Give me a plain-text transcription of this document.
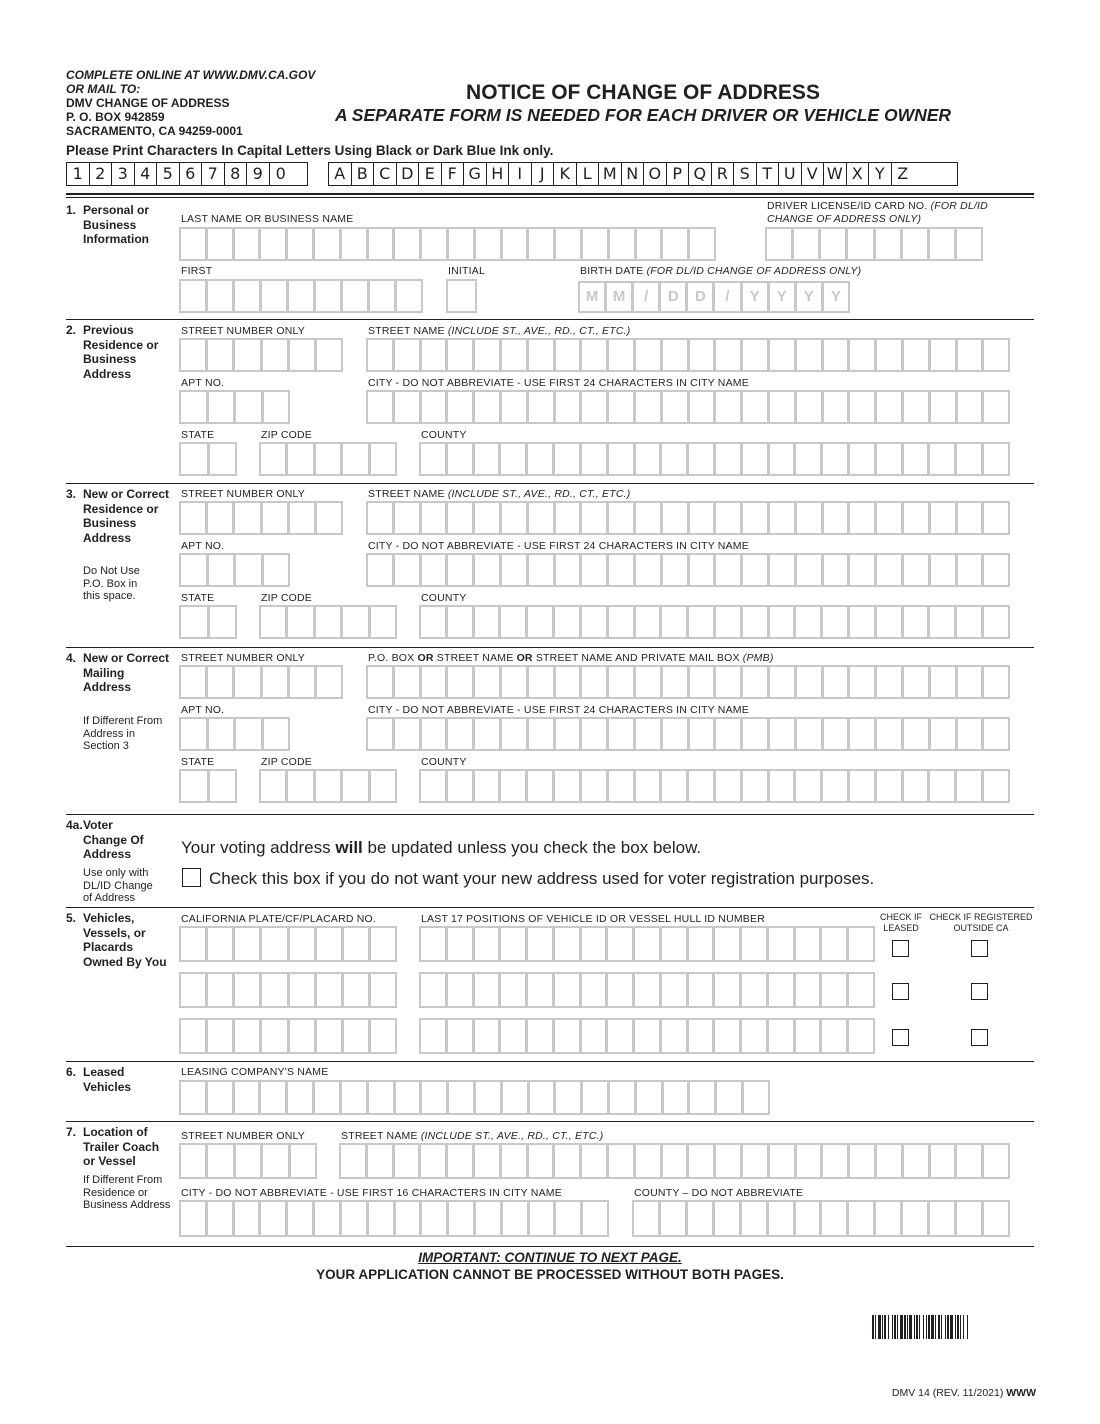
COMPLETE ONLINE AT WWW.DMV.CA.GOV
OR MAIL TO:
DMV CHANGE OF ADDRESS
P. O. BOX 942859
SACRAMENTO, CA 94259-0001
NOTICE OF CHANGE OF ADDRESS
A SEPARATE FORM IS NEEDED FOR EACH DRIVER OR VEHICLE OWNER
Please Print Characters In Capital Letters Using Black or Dark Blue Ink only.
1 2 3 4 5 6 7 8 9 0	A B C D E F G H I	J K L M N O P Q R S T U V W X Y Z
1. Personal or Business Information
LAST NAME OR BUSINESS NAME
DRIVER LICENSE/ID CARD NO. (FOR DL/ID
CHANGE OF ADDRESS ONLY)
FIRST	INITIAL	BIRTH DATE (FOR DL/ID CHANGE OF ADDRESS ONLY)
M M	/	D	D	/	Y	Y	Y	Y
2. Previous Residence or Business Address
STREET NUMBER ONLY	STREET NAME (INCLUDE ST., AVE., RD., CT., ETC.)
APT NO.	CITY - DO NOT ABBREVIATE - USE FIRST 24 CHARACTERS IN CITY NAME
STATE	ZIP CODE	COUNTY
3. New or Correct Residence or Business Address
Do Not Use P.O. Box in this space.
STREET NUMBER ONLY	STREET NAME (INCLUDE ST., AVE., RD., CT., ETC.)
APT NO.	CITY - DO NOT ABBREVIATE - USE FIRST 24 CHARACTERS IN CITY NAME
STATE	ZIP CODE	COUNTY
4. New or Correct Mailing Address
If Different From Address in Section 3
STREET NUMBER ONLY	P.O. BOX OR STREET NAME OR STREET NAME AND PRIVATE MAIL BOX (PMB)
APT NO.	CITY - DO NOT ABBREVIATE - USE FIRST 24 CHARACTERS IN CITY NAME
STATE	ZIP CODE	COUNTY
4a. Voter
Change Of Address
Use only with DL/ID Change of Address
Your voting address will be updated unless you check the box below.
Check this box if you do not want your new address used for voter registration purposes.
5. Vehicles, Vessels, or Placards Owned By You
CALIFORNIA PLATE/CF/PLACARD NO.	LAST 17 POSITIONS OF VEHICLE ID OR VESSEL HULL ID NUMBER	CHECK IF
LEASED
CHECK IF REGISTERED
OUTSIDE CA
6. Leased Vehicles
LEASING COMPANY'S NAME
7. Location of Trailer Coach or Vessel
If Different From Residence or Business Address
STREET NUMBER ONLY	STREET NAME (INCLUDE ST., AVE., RD., CT., ETC.)
CITY - DO NOT ABBREVIATE - USE FIRST 16 CHARACTERS IN CITY NAME	COUNTY – DO NOT ABBREVIATE
IMPORTANT: CONTINUE TO NEXT PAGE.
YOUR APPLICATION CANNOT BE PROCESSED WITHOUT BOTH PAGES.
DMV 14 (REV. 11/2021) WWW
